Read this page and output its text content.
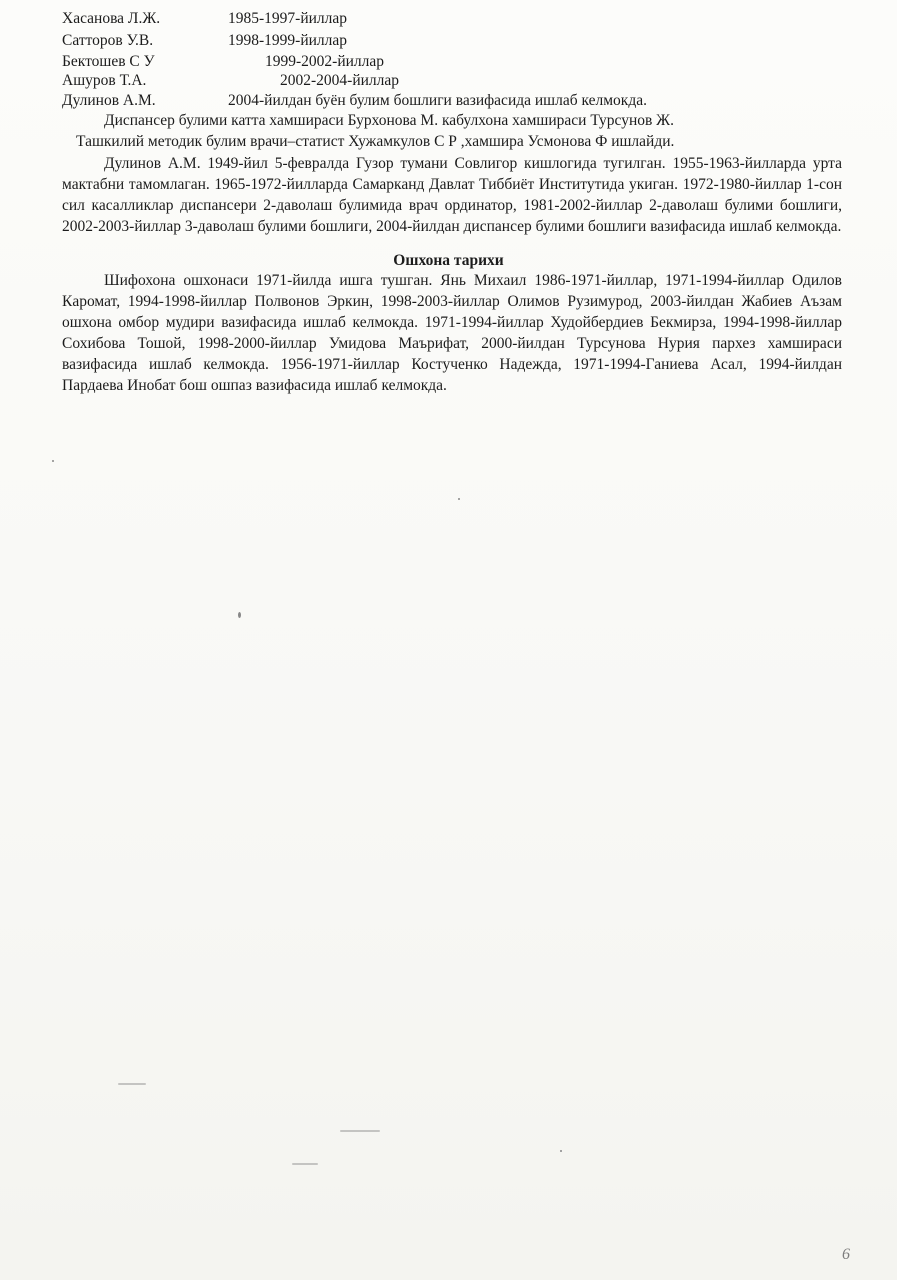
Хасанова Л.Ж.	1985-1997-йиллар
Сатторов У.В.	1998-1999-йиллар
Бектошев С У	1999-2002-йиллар
Ашуров Т.А.	2002-2004-йиллар
Дулинов А.М.	2004-йилдан буён булим бошлиги вазифасида ишлаб келмокда.
Диспансер булими катта хамшираси Бурхонова М. кабулхона хамшираси Турсунов Ж.
Ташкилий методик булим врачи–статист Хужамкулов С Р ,хамшира Усмонова Ф ишлайди.
Дулинов А.М. 1949-йил 5-февралда Гузор тумани Совлигор кишлогида тугилган. 1955-1963-йилларда урта мактабни тамомлаган. 1965-1972-йилларда Самарканд Давлат Тиббиёт Институтида укиган. 1972-1980-йиллар 1-сон сил касалликлар диспансери 2-даволаш булимида врач ординатор, 1981-2002-йиллар 2-даволаш булими бошлиги, 2002-2003-йиллар 3-даволаш булими бошлиги, 2004-йилдан диспансер булими бошлиги вазифасида ишлаб келмокда.
Ошхона тарихи
Шифохона ошхонаси 1971-йилда ишга тушган. Янь Михаил 1986-1971-йиллар, 1971-1994-йиллар Одилов Кaромат, 1994-1998-йиллар Полвонов Эркин, 1998-2003-йиллар Олимов Рузимурод, 2003-йилдан Жабиев Аъзам ошхона омбор мудири вазифасида ишлаб келмокда. 1971-1994-йиллар Худойбердиев Бекмирза, 1994-1998-йиллар Сохибова Тошой, 1998-2000-йиллар Умидова Маърифат, 2000-йилдан Турсунова Нурия пархез хамшираси вазифасида ишлаб келмокда. 1956-1971-йиллар Костученко Надежда, 1971-1994-Ганиева Асал, 1994-йилдан Пардаева Инобат бош ошпаз вазифасида ишлаб келмокда.
6
